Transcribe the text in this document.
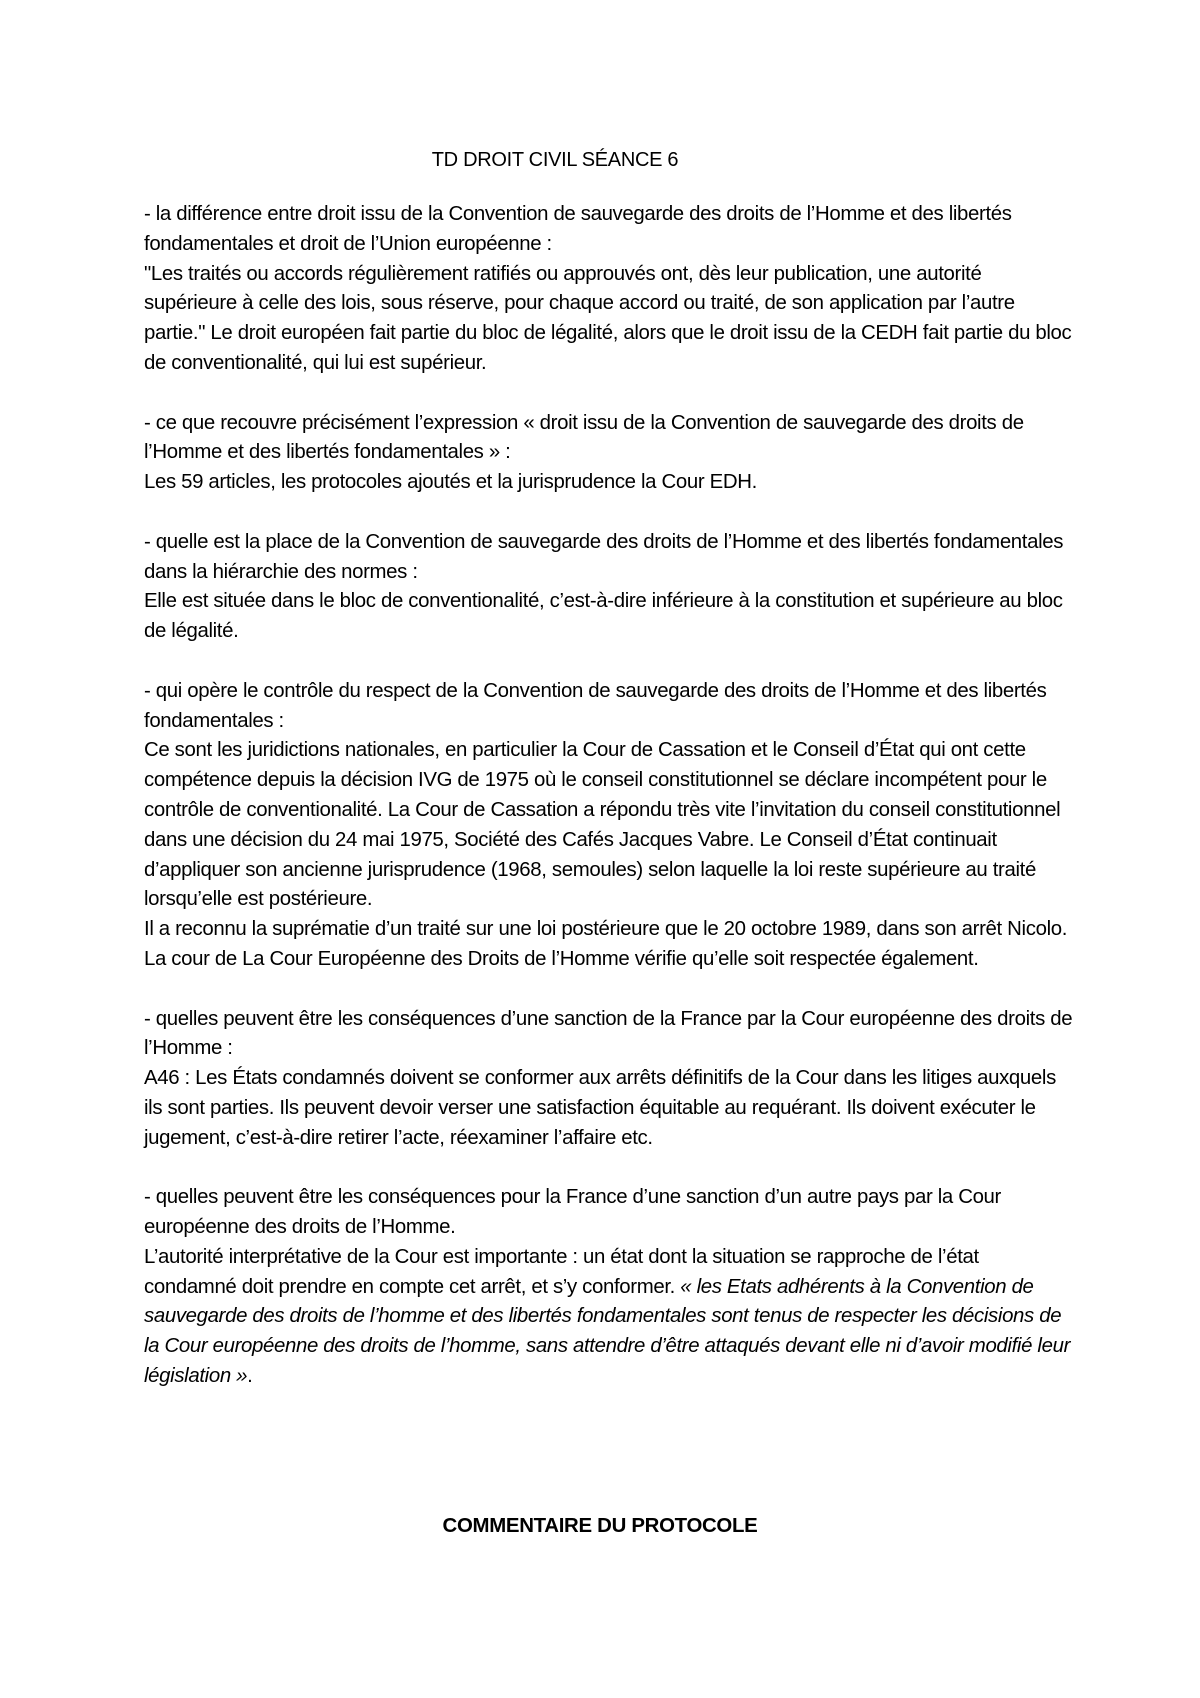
TD DROIT CIVIL SÉANCE 6

- la différence entre droit issu de la Convention de sauvegarde des droits de l’Homme et des libertés fondamentales et droit de l’Union européenne :

"Les traités ou accords régulièrement ratifiés ou approuvés ont, dès leur publication, une autorité supérieure à celle des lois, sous réserve, pour chaque accord ou traité, de son application par l’autre partie." Le droit européen fait partie du bloc de légalité, alors que le droit issu de la CEDH fait partie du bloc de conventionalité, qui lui est supérieur.

- ce que recouvre précisément l’expression « droit issu de la Convention de sauvegarde des droits de l’Homme et des libertés fondamentales » :

Les 59 articles, les protocoles ajoutés et la jurisprudence la Cour EDH.

- quelle est la place de la Convention de sauvegarde des droits de l’Homme et des libertés fondamentales dans la hiérarchie des normes :

Elle est située dans le bloc de conventionalité, c’est-à-dire inférieure à la constitution et supérieure au bloc de légalité.

- qui opère le contrôle du respect de la Convention de sauvegarde des droits de l’Homme et des libertés fondamentales :

Ce sont les juridictions nationales, en particulier la Cour de Cassation et le Conseil d’État qui ont cette compétence depuis la décision IVG de 1975 où le conseil constitutionnel se déclare incompétent pour le contrôle de conventionalité. La Cour de Cassation a répondu très vite l’invitation du conseil constitutionnel dans une décision du 24 mai 1975, Société des Cafés Jacques Vabre. Le Conseil d’État continuait d’appliquer son ancienne jurisprudence (1968, semoules) selon laquelle la loi reste supérieure au traité lorsqu’elle est postérieure.

Il a reconnu la suprématie d’un traité sur une loi postérieure que le 20 octobre 1989, dans son arrêt Nicolo. La cour de La Cour Européenne des Droits de l’Homme vérifie qu’elle soit respectée également.

- quelles peuvent être les conséquences d’une sanction de la France par la Cour européenne des droits de l’Homme :

A46 : Les États condamnés doivent se conformer aux arrêts définitifs de la Cour dans les litiges auxquels ils sont parties. Ils peuvent devoir verser une satisfaction équitable au requérant. Ils doivent exécuter le jugement, c’est-à-dire retirer l’acte, réexaminer l’affaire etc.

- quelles peuvent être les conséquences pour la France d’une sanction d’un autre pays par la Cour européenne des droits de l’Homme.

L’autorité interprétative de la Cour est importante : un état dont la situation se rapproche de l’état condamné doit prendre en compte cet arrêt, et s’y conformer. « les Etats adhérents à la Convention de sauvegarde des droits de l’homme et des libertés fondamentales sont tenus de respecter les décisions de la Cour européenne des droits de l’homme, sans attendre d’être attaqués devant elle ni d’avoir modifié leur législation ».

COMMENTAIRE DU PROTOCOLE
